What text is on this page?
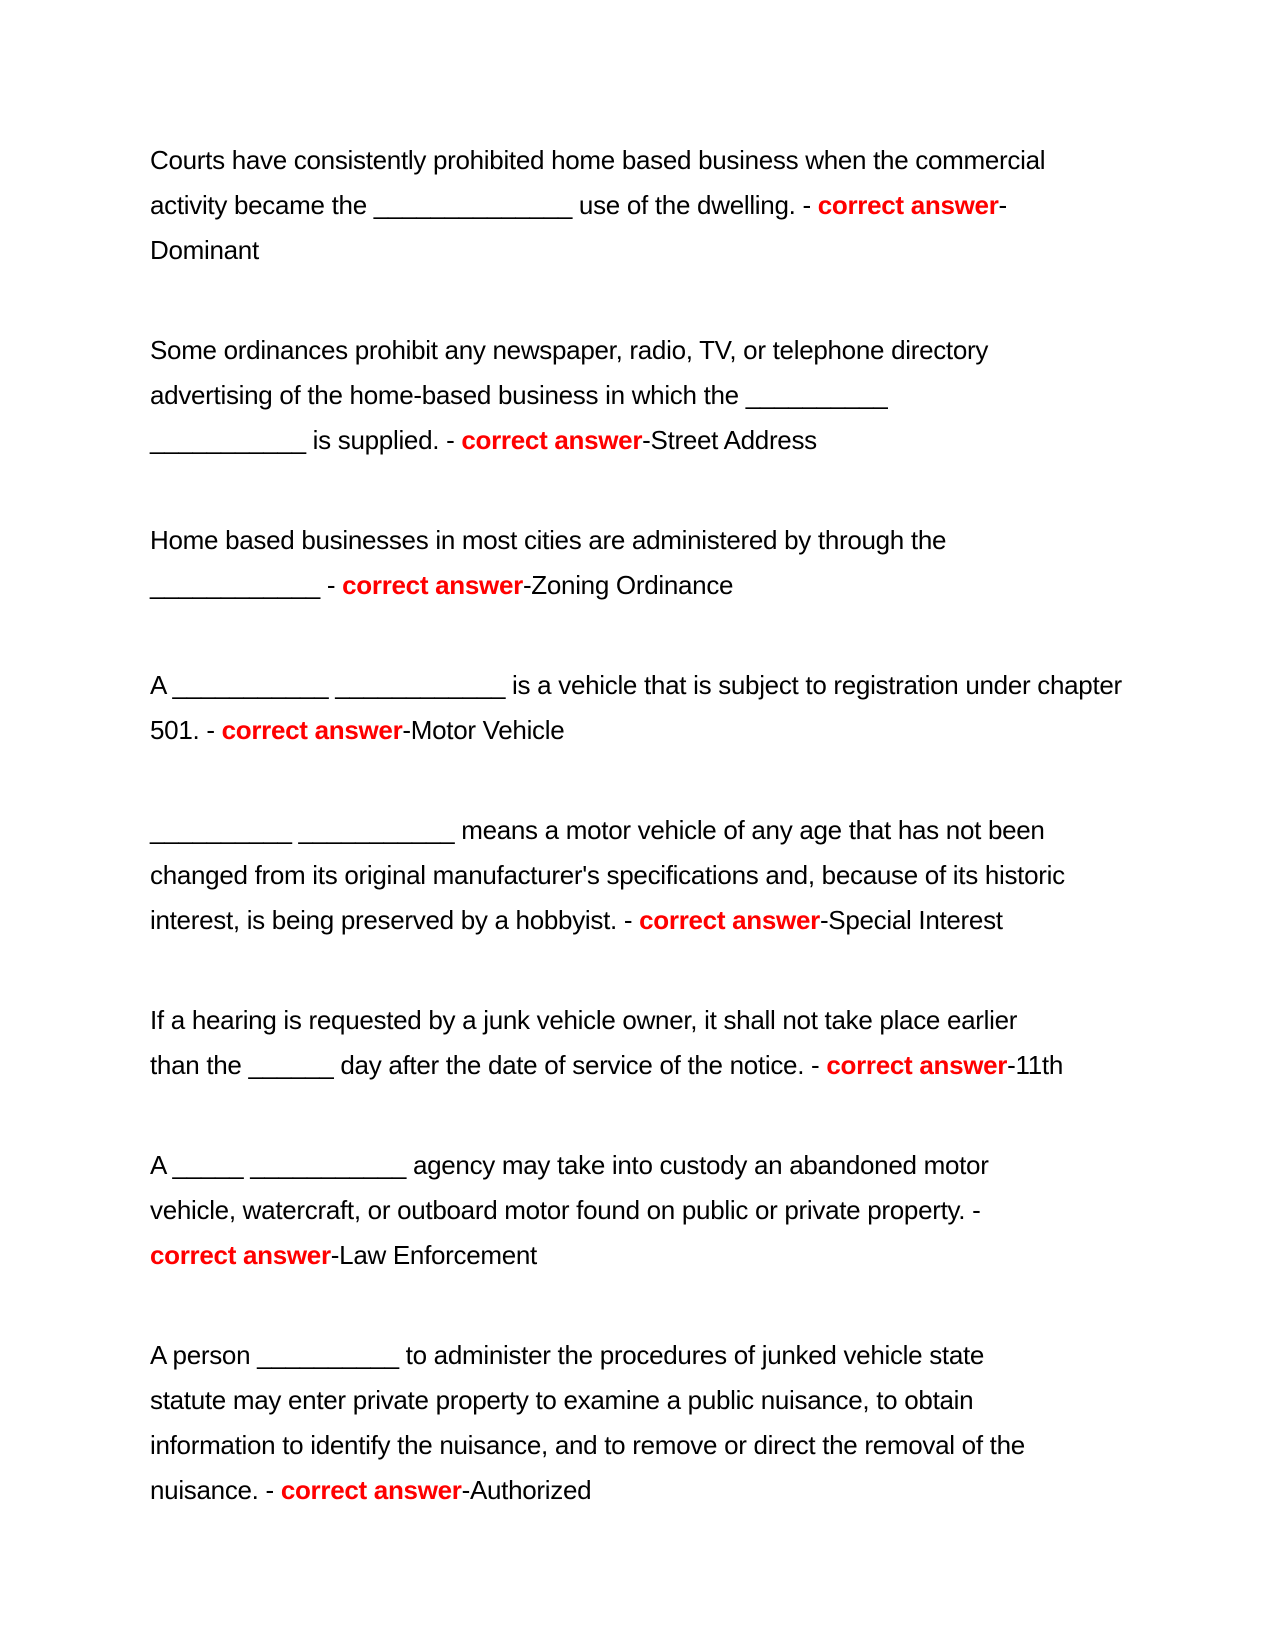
Courts have consistently prohibited home based business when the commercial
activity became the ______________ use of the dwelling. - correct answer-
Dominant
Some ordinances prohibit any newspaper, radio, TV, or telephone directory
advertising of the home-based business in which the __________
___________ is supplied. - correct answer-Street Address
Home based businesses in most cities are administered by through the
____________ - correct answer-Zoning Ordinance
A ___________ ____________ is a vehicle that is subject to registration under chapter
501. - correct answer-Motor Vehicle
__________ ___________ means a motor vehicle of any age that has not been
changed from its original manufacturer's specifications and, because of its historic
interest, is being preserved by a hobbyist. - correct answer-Special Interest
If a hearing is requested by a junk vehicle owner, it shall not take place earlier
than the ______ day after the date of service of the notice. - correct answer-11th
A _____ ___________ agency may take into custody an abandoned motor
vehicle, watercraft, or outboard motor found on public or private property. -
correct answer-Law Enforcement
A person __________ to administer the procedures of junked vehicle state
statute may enter private property to examine a public nuisance, to obtain
information to identify the nuisance, and to remove or direct the removal of the
nuisance. - correct answer-Authorized
